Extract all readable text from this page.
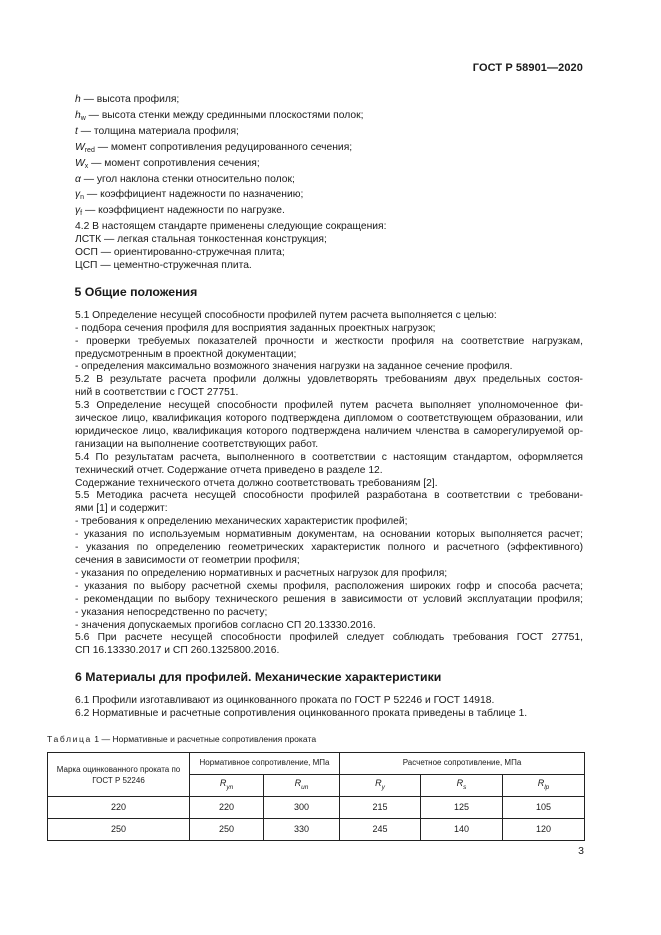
ГОСТ Р 58901—2020
h — высота профиля;
$h_w$ — высота стенки между срединными плоскостями полок;
t — толщина материала профиля;
$W_{red}$ — момент сопротивления редуцированного сечения;
$W_x$ — момент сопротивления сечения;
α — угол наклона стенки относительно полок;
$\gamma_n$ — коэффициент надежности по назначению;
$\gamma_f$ — коэффициент надежности по нагрузке.
4.2 В настоящем стандарте применены следующие сокращения:
ЛСТК — легкая стальная тонкостенная конструкция;
ОСП — ориентированно-стружечная плита;
ЦСП — цементно-стружечная плита.
5 Общие положения
5.1 Определение несущей способности профилей путем расчета выполняется с целью:
- подбора сечения профиля для восприятия заданных проектных нагрузок;
- проверки требуемых показателей прочности и жесткости профиля на соответствие нагрузкам,
предусмотренным в проектной документации;
- определения максимально возможного значения нагрузки на заданное сечение профиля.
5.2 В результате расчета профили должны удовлетворять требованиям двух предельных состоя-
ний в соответствии с ГОСТ 27751.
5.3 Определение несущей способности профилей путем расчета выполняет уполномоченное фи-
зическое лицо, квалификация которого подтверждена дипломом о соответствующем образовании, или
юридическое лицо, квалификация которого подтверждена наличием членства в саморегулируемой ор-
ганизации на выполнение соответствующих работ.
5.4 По результатам расчета, выполненного в соответствии с настоящим стандартом, оформляется
технический отчет. Содержание отчета приведено в разделе 12.
Содержание технического отчета должно соответствовать требованиям [2].
5.5 Методика расчета несущей способности профилей разработана в соответствии с требовани-
ями [1] и содержит:
- требования к определению механических характеристик профилей;
- указания по используемым нормативным документам, на основании которых выполняется расчет;
- указания по определению геометрических характеристик полного и расчетного (эффективного)
сечения в зависимости от геометрии профиля;
- указания по определению нормативных и расчетных нагрузок для профиля;
- указания по выбору расчетной схемы профиля, расположения широких гофр и способа расчета;
- рекомендации по выбору технического решения в зависимости от условий эксплуатации профиля;
- указания непосредственно по расчету;
- значения допускаемых прогибов согласно СП 20.13330.2016.
5.6 При расчете несущей способности профилей следует соблюдать требования ГОСТ 27751,
СП 16.13330.2017 и СП 260.1325800.2016.
6 Материалы для профилей. Механические характеристики
6.1 Профили изготавливают из оцинкованного проката по ГОСТ Р 52246 и ГОСТ 14918.
6.2 Нормативные и расчетные сопротивления оцинкованного проката приведены в таблице 1.
Таблица 1 — Нормативные и расчетные сопротивления проката
Марка оцинкованного проката по ГОСТ Р 52246	Нормативное сопротивление, МПа		Расчетное сопротивление, МПа		
	$R_{yn}$	$R_{un}$	$R_y$	$R_s$	$R_{lp}$
220	220	300	215	125	105
250	250	330	245	140	120
3
